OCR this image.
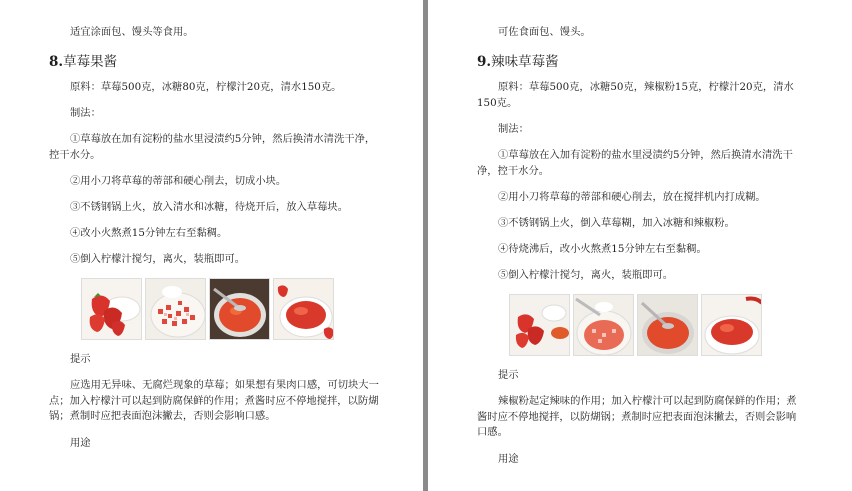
适宜涂面包、馒头等食用。

8.草莓果酱

原料：草莓500克，冰糖80克，柠檬汁20克，清水150克。

制法：

①草莓放在加有淀粉的盐水里浸渍约5分钟，然后换清水清洗干净，控干水分。

②用小刀将草莓的蒂部和硬心削去，切成小块。

③不锈钢锅上火，放入清水和冰糖，待烧开后，放入草莓块。

④改小火熬煮15分钟左右至黏稠。

⑤倒入柠檬汁搅匀，离火，装瓶即可。

提示

应选用无异味、无腐烂现象的草莓；如果想有果肉口感，可切块大一点；加入柠檬汁可以起到防腐保鲜的作用；煮酱时应不停地搅拌，以防煳锅；煮制时应把表面泡沫撇去，否则会影响口感。

用途

可佐食面包、馒头。

9.辣味草莓酱

原料：草莓500克，冰糖50克，辣椒粉15克，柠檬汁20克，清水150克。

制法：

①草莓放在入加有淀粉的盐水里浸渍约5分钟，然后换清水清洗干净，控干水分。

②用小刀将草莓的蒂部和硬心削去，放在搅拌机内打成糊。

③不锈钢锅上火，倒入草莓糊，加入冰糖和辣椒粉。

④待烧沸后，改小火熬煮15分钟左右至黏稠。

⑤倒入柠檬汁搅匀，离火，装瓶即可。

提示

辣椒粉起定辣味的作用；加入柠檬汁可以起到防腐保鲜的作用；煮酱时应不停地搅拌，以防煳锅；煮制时应把表面泡沫撇去，否则会影响口感。

用途
